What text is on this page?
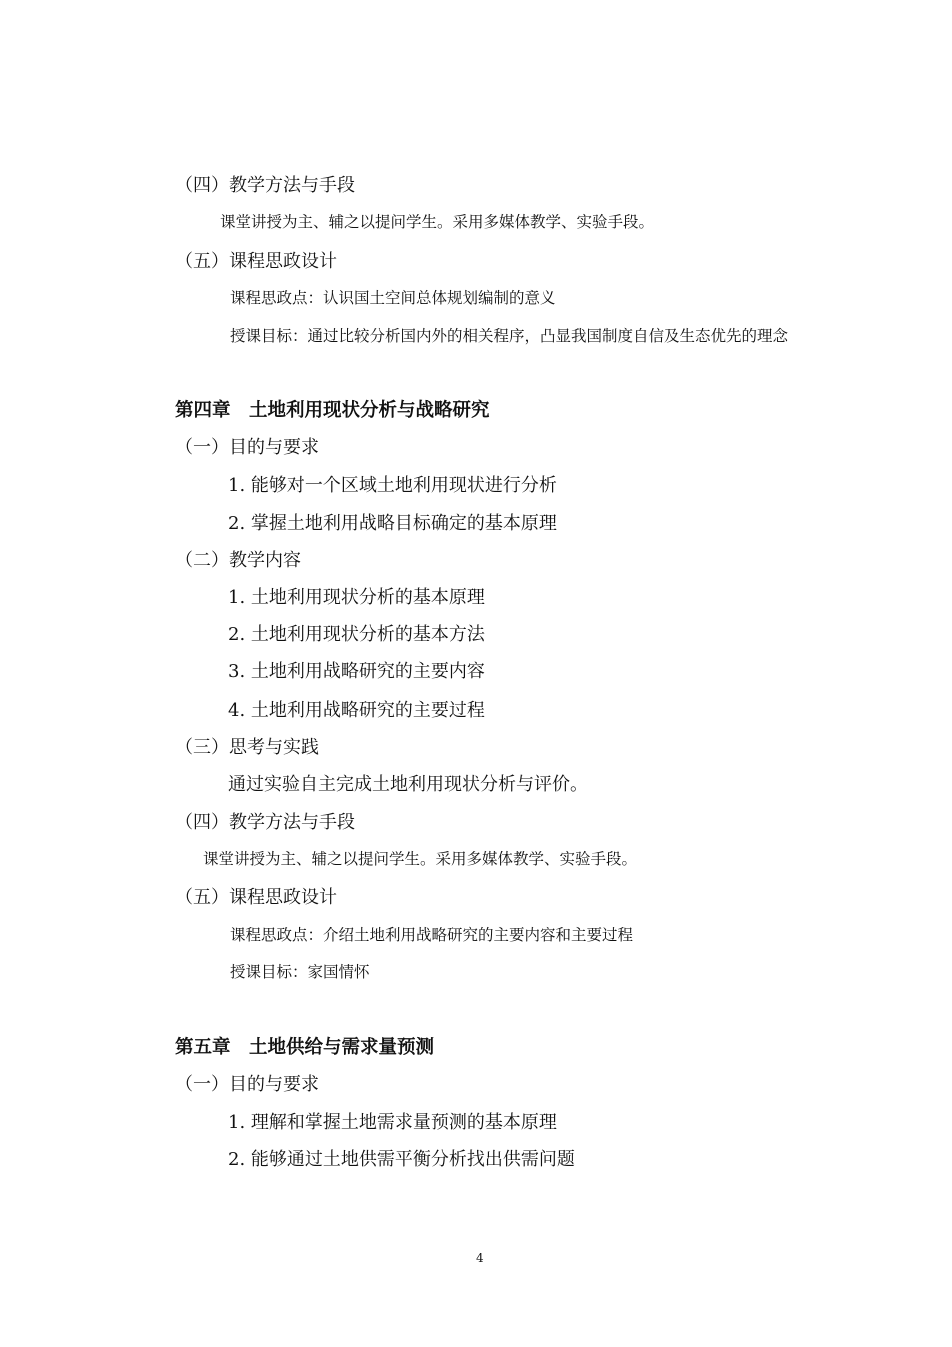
（四）教学方法与手段
课堂讲授为主、辅之以提问学生。采用多媒体教学、实验手段。
（五）课程思政设计
课程思政点：认识国土空间总体规划编制的意义
授课目标：通过比较分析国内外的相关程序，凸显我国制度自信及生态优先的理念
第四章　土地利用现状分析与战略研究
（一）目的与要求
1. 能够对一个区域土地利用现状进行分析
2. 掌握土地利用战略目标确定的基本原理
（二）教学内容
1. 土地利用现状分析的基本原理
2. 土地利用现状分析的基本方法
3. 土地利用战略研究的主要内容
4. 土地利用战略研究的主要过程
（三）思考与实践
通过实验自主完成土地利用现状分析与评价。
（四）教学方法与手段
课堂讲授为主、辅之以提问学生。采用多媒体教学、实验手段。
（五）课程思政设计
课程思政点：介绍土地利用战略研究的主要内容和主要过程
授课目标：家国情怀
第五章　土地供给与需求量预测
（一）目的与要求
1. 理解和掌握土地需求量预测的基本原理
2. 能够通过土地供需平衡分析找出供需问题
4
